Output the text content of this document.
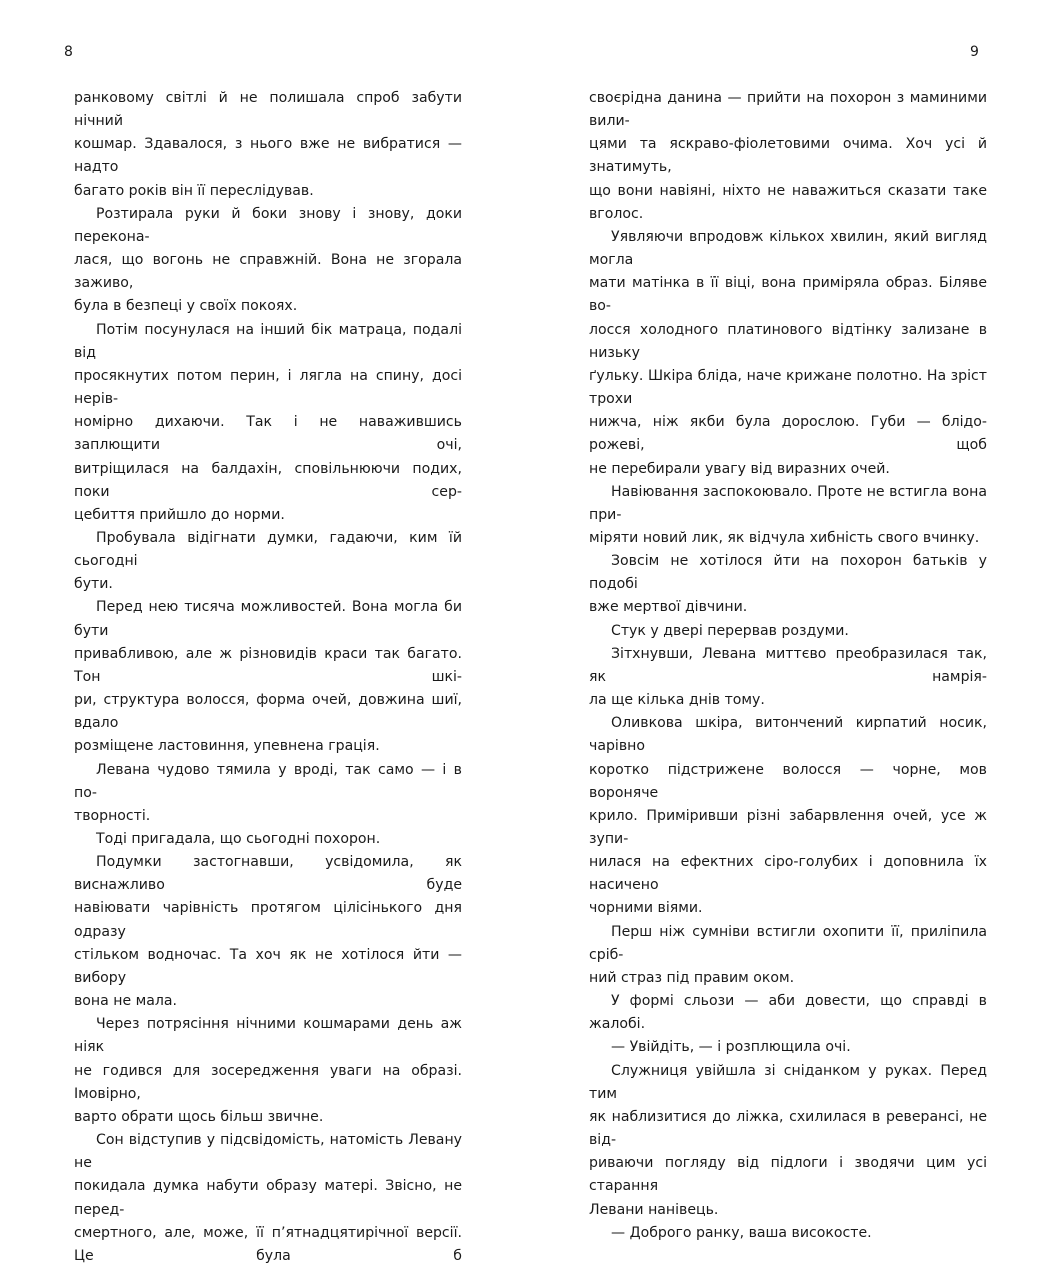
8

ранковому світлі й не полишала спроб забути нічний

кошмар. Здавалося, з нього вже не вибратися — надто

багато років він її переслідував.

Розтирала руки й боки знову і знову, доки переконa-

лася, що вогонь не справжній. Вона не згорала заживо,

була в безпеці у своїх покоях.

Потім посунулася на інший бік матраца, подалі від

просякнутих потом перин, і лягла на спину, досі нерів-

номірно дихаючи. Так і не наважившись заплющити очі,

витріщилася на балдахін, сповільнюючи подих, поки сер-

цебиття прийшло до норми.

Пробувала відігнати думки, гадаючи, ким їй сьогодні

бути.

Перед нею тисяча можливостей. Вона могла би бути

привабливою, але ж різновидів краси так багато. Тон шкі-

ри, структура волосся, форма очей, довжина шиї, вдало

розміщене ластовиння, упевнена грація.

Левана чудово тямила у вроді, так само — і в по-

творності.

Тоді пригадала, що сьогодні похорон.

Подумки застогнавши, усвідомила, як виснажливо буде

навіювати чарівність протягом цілісінького дня одразу

стількoм водночас. Та хоч як не хотілося йти — вибору

вона не мала.

Через потрясіння нічними кошмарами день аж ніяк

не годився для зосередження уваги на образі. Імовірно,

варто обрати щось більш звичне.

Сон відступив у підсвідомість, натомість Левану не

покидала думка набути образу матері. Звісно, не перед-

смертного, але, може, її п’ятнадцятирічної версії. Це була б

9

своєрідна данина — прийти на похорон з маминими вили-

цями та яскраво-фіолетовими очима. Хоч усі й знатимуть,

що вони навіяні, ніхто не наважиться сказати таке вголос.

Уявляючи впродовж кількох хвилин, який вигляд могла

мати матінка в її віці, вона приміряла образ. Біляве во-

лосся холодного платинового відтінку зализане в низьку

ґульку. Шкіра бліда, наче крижане полотно. На зріст трохи

нижча, ніж якби була дорослою. Губи — блідо-рожеві, щоб

не перебирали увагу від виразних очей.

Навіювання заспокоювало. Проте не встигла вона при-

міряти новий лик, як відчула хибність свого вчинку.

Зовсім не хотілося йти на похорон батьків у подобі

вже мертвої дівчини.

Стук у двері перервав роздуми.

Зітхнувши, Левана миттєво преобразилася так, як намрія-

ла ще кілька днів тому.

Оливкова шкіра, витончений кирпатий носик, чарівно

коротко підстрижене волосся — чорне, мов вороняче

крило. Приміривши різні забарвлення очей, усе ж зупи-

нилася на ефектних сіро-голубих і доповнила їх насичено

чорними віями.

Перш ніж сумніви встигли охопити її, приліпила сріб-

ний страз під правим оком.

У формі сльози — аби довести, що справді в жалобі.

— Увійдіть, — і розплющила очі.

Служниця увійшла зі сніданком у руках. Перед тим

як наблизитися до ліжка, схилилася в реверансі, не від-

риваючи погляду від підлоги і зводячи цим усі старання

Левани нанівець.

— Доброго ранку, ваша високосте.
